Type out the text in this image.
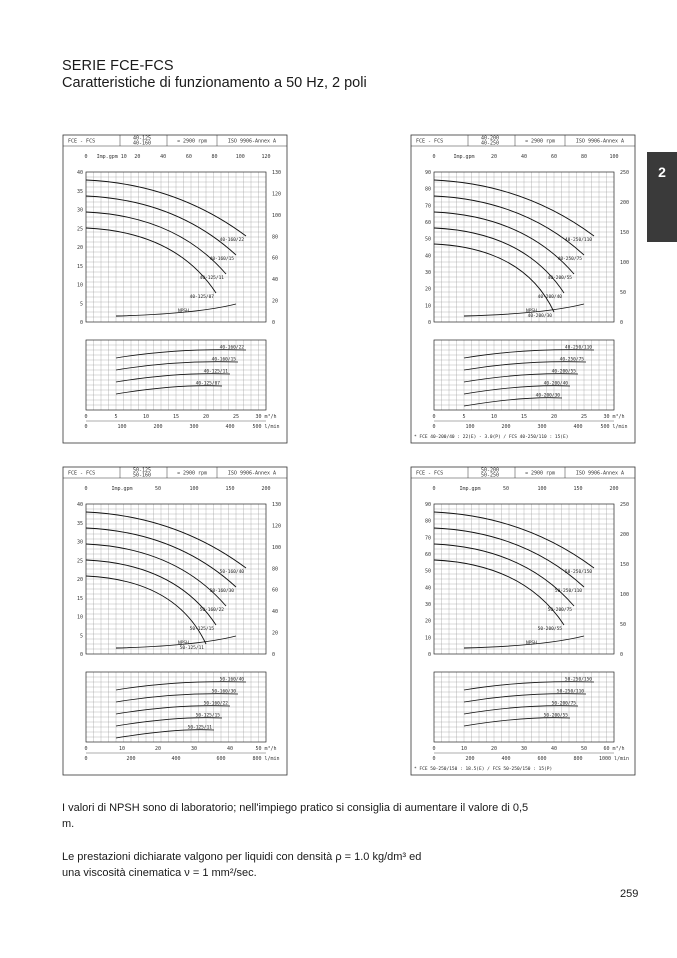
SERIE FCE-FCS
Caratteristiche di funzionamento a 50 Hz, 2 poli
2
FCE - FCS	40-125
40-160	≈ 2900 rpm	ISO 9906-Annex A
0 Imp.gpm 10 20	40	60	80	100	120
40
35
30
25
20
15
10
5
0
130
120
100
80
60
40
20
0
40-160/22
40-160/15
40-125/11
40-125/07
NPSH
40-160/22
40-160/15
40-125/11
40-125/07
0	5	10	15	20	25	30 m³/h
0	100	200	300	400	500 l/min
FCE - FCS	40-200
40-250	≈ 2900 rpm	ISO 9906-Annex A
0	Imp.gpm	20	40	60	80	100
90
80
70
60
50
40
30
20
10
0
250
200
150
100
50
0
40-250/110
40-250/75
40-200/55
40-200/40
40-200/30
NPSH
40-250/110
40-250/75
40-200/55
40-200/40
40-200/30
0	5	10	15	20	25	30 m³/h
0	100	200	300	400	500 l/min
* FCE 40-200/40 : 22(E) - 3.0(P) / FCS 40-250/110 : 15(E)
FCE - FCS	50-125
50-160	≈ 2900 rpm	ISO 9906-Annex A
0	Imp.gpm	50	100	150	200
40
35
30
25
20
15
10
5
0
130
120
100
80
60
40
20
0
50-160/40
50-160/30
50-160/22
50-125/15
50-125/11
NPSH
50-160/40
50-160/30
50-160/22
50-125/15
50-125/11
0	10	20	30	40	50 m³/h
0	200	400	600	800 l/min
FCE - FCS	50-200
50-250	≈ 2900 rpm	ISO 9906-Annex A
0	Imp.gpm	50	100	150	200
90
80
70
60
50
40
30
20
10
0
250
200
150
100
50
0
50-250/150
50-250/110
50-200/75
50-200/55
NPSH
50-250/150
50-250/110
50-200/75
50-200/55
0	10	20	30	40	50	60 m³/h
0	200	400	600	800	1000 l/min
* FCE 50-250/150 : 18.5(E) / FCS 50-250/150 : 15(P)

I valori di NPSH sono di laboratorio; nell'impiego pratico si consiglia di aumentare il valore di 0,5 m.

Le prestazioni dichiarate valgono per liquidi con densità ρ = 1.0 kg/dm³ ed una viscosità cinematica ν = 1 mm²/sec.

259
